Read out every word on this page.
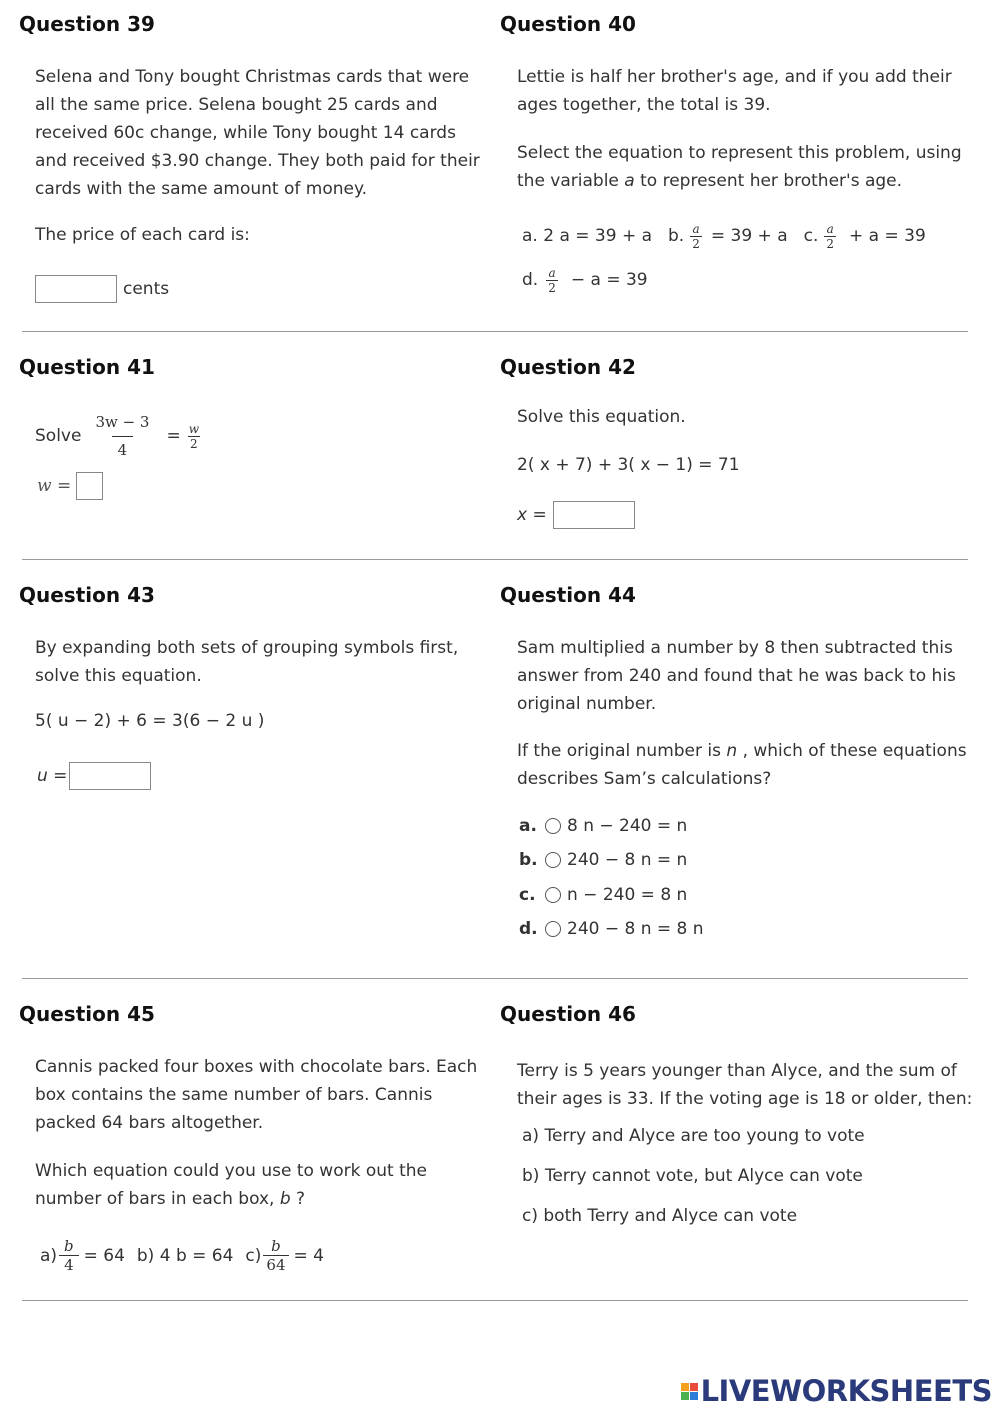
Question 39
Selena and Tony bought Christmas cards that were all the same price. Selena bought 25 cards and received 60c change, while Tony bought 14 cards and received $3.90 change. They both paid for their cards with the same amount of money.
The price of each card is:
cents
Question 40
Lettie is half her brother's age, and if you add their ages together, the total is 39.
Select the equation to represent this problem, using the variable a to represent her brother's age.
a. 2 a = 39 + a b. $\frac{a}{2} = 39 + a$ c. $\frac{a}{2} + a = 39$
d. $\frac{a}{2} - a = 39$
Question 41
Solve $\frac{3w - 3}{4} = \frac{w}{2}$
w =
Question 42
Solve this equation.
2( x + 7) + 3( x − 1) = 71
x =
Question 43
By expanding both sets of grouping symbols first, solve this equation.
5( u − 2) + 6 = 3(6 − 2 u )
u =
Question 44
Sam multiplied a number by 8 then subtracted this answer from 240 and found that he was back to his original number.
If the original number is n , which of these equations describes Sam’s calculations?
a.	8 n − 240 = n
b.	240 − 8 n = n
c.	n − 240 = 8 n
d.	240 − 8 n = 8 n
Question 45
Cannis packed four boxes with chocolate bars. Each box contains the same number of bars. Cannis packed 64 bars altogether.
Which equation could you use to work out the number of bars in each box, b ?
$a) \frac{b}{4} = 64$ b) 4 b = 64 $c) \frac{b}{64} = 4$
Question 46
Terry is 5 years younger than Alyce, and the sum of their ages is 33. If the voting age is 18 or older, then:
a) Terry and Alyce are too young to vote
b) Terry cannot vote, but Alyce can vote
c) both Terry and Alyce can vote
LIVEWORKSHEETS
